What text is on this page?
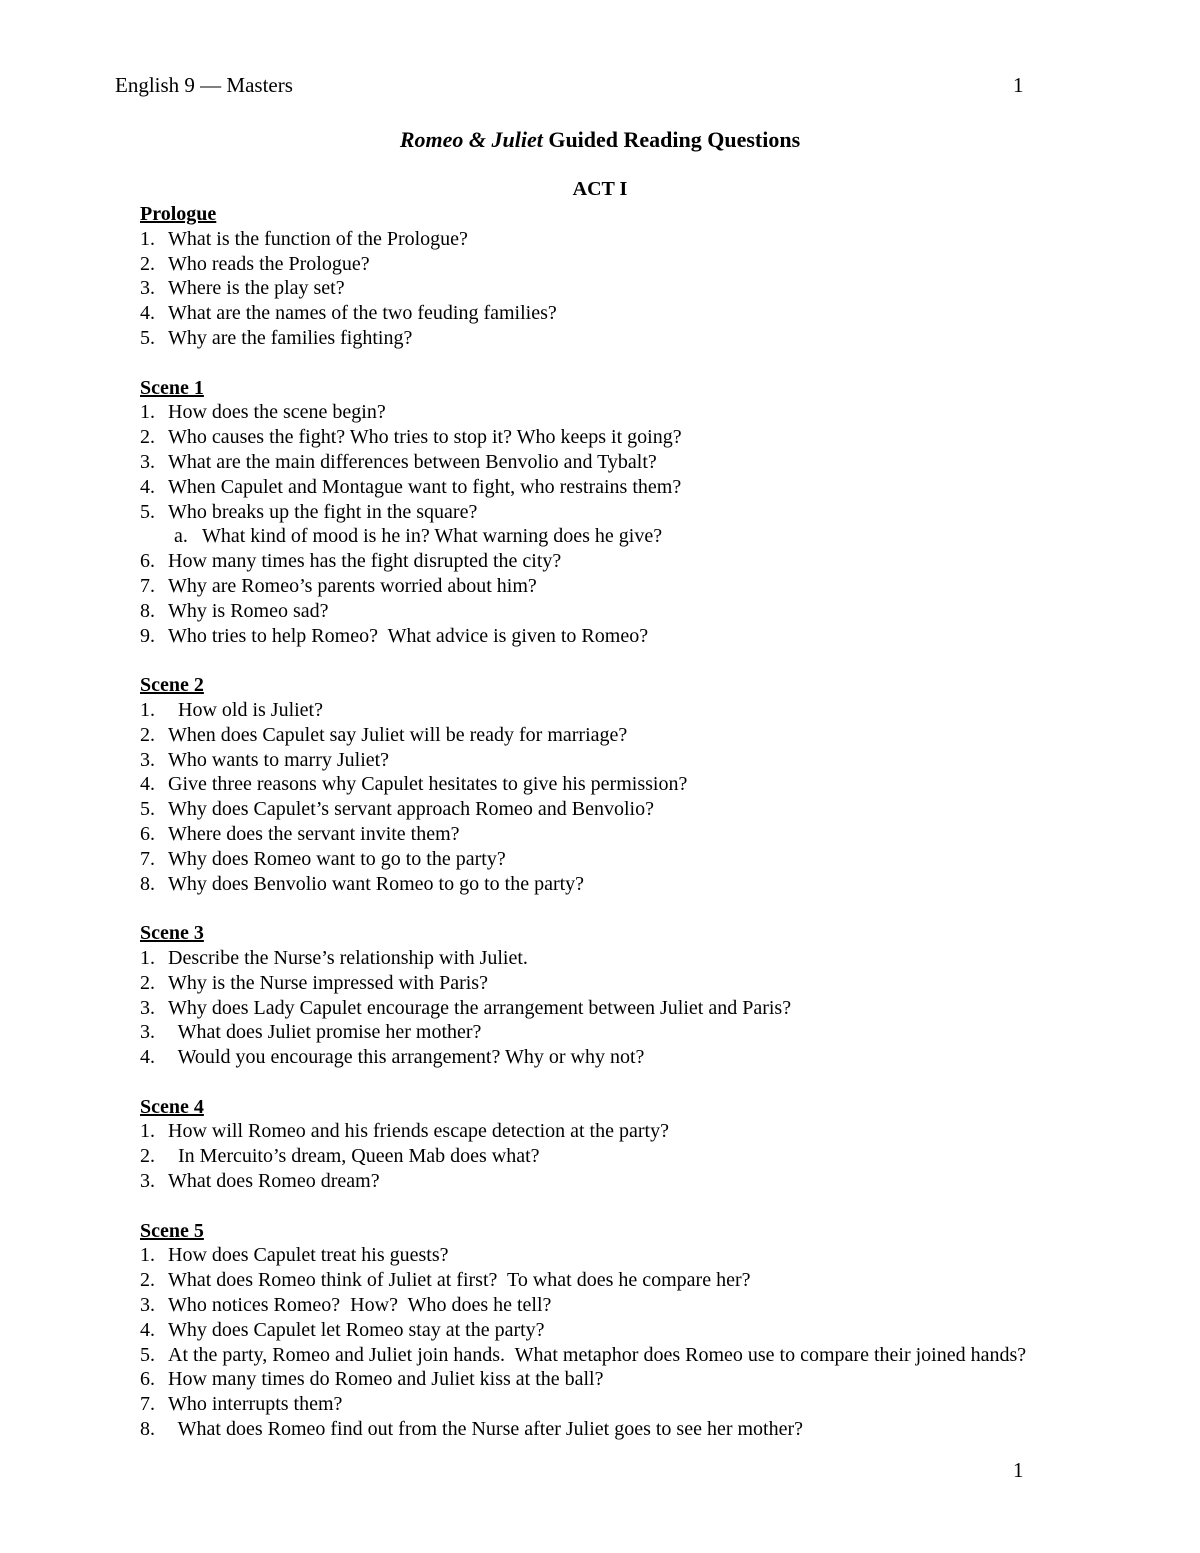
English 9 — Masters	1
Romeo & Juliet Guided Reading Questions
ACT I
Prologue
1. What is the function of the Prologue?
2. Who reads the Prologue?
3. Where is the play set?
4. What are the names of the two feuding families?
5. Why are the families fighting?
Scene 1
1. How does the scene begin?
2. Who causes the fight? Who tries to stop it? Who keeps it going?
3. What are the main differences between Benvolio and Tybalt?
4. When Capulet and Montague want to fight, who restrains them?
5. Who breaks up the fight in the square?
a. What kind of mood is he in? What warning does he give?
6. How many times has the fight disrupted the city?
7. Why are Romeo’s parents worried about him?
8. Why is Romeo sad?
9. Who tries to help Romeo?  What advice is given to Romeo?
Scene 2
1.  How old is Juliet?
2. When does Capulet say Juliet will be ready for marriage?
3. Who wants to marry Juliet?
4. Give three reasons why Capulet hesitates to give his permission?
5. Why does Capulet’s servant approach Romeo and Benvolio?
6. Where does the servant invite them?
7. Why does Romeo want to go to the party?
8. Why does Benvolio want Romeo to go to the party?
Scene 3
1. Describe the Nurse’s relationship with Juliet.
2. Why is the Nurse impressed with Paris?
3. Why does Lady Capulet encourage the arrangement between Juliet and Paris?
3.  What does Juliet promise her mother?
4.  Would you encourage this arrangement? Why or why not?
Scene 4
1. How will Romeo and his friends escape detection at the party?
2.  In Mercuito’s dream, Queen Mab does what?
3. What does Romeo dream?
Scene 5
1. How does Capulet treat his guests?
2. What does Romeo think of Juliet at first?  To what does he compare her?
3. Who notices Romeo?  How?  Who does he tell?
4. Why does Capulet let Romeo stay at the party?
5. At the party, Romeo and Juliet join hands.  What metaphor does Romeo use to compare their joined hands?
6. How many times do Romeo and Juliet kiss at the ball?
7. Who interrupts them?
8.  What does Romeo find out from the Nurse after Juliet goes to see her mother?
1
